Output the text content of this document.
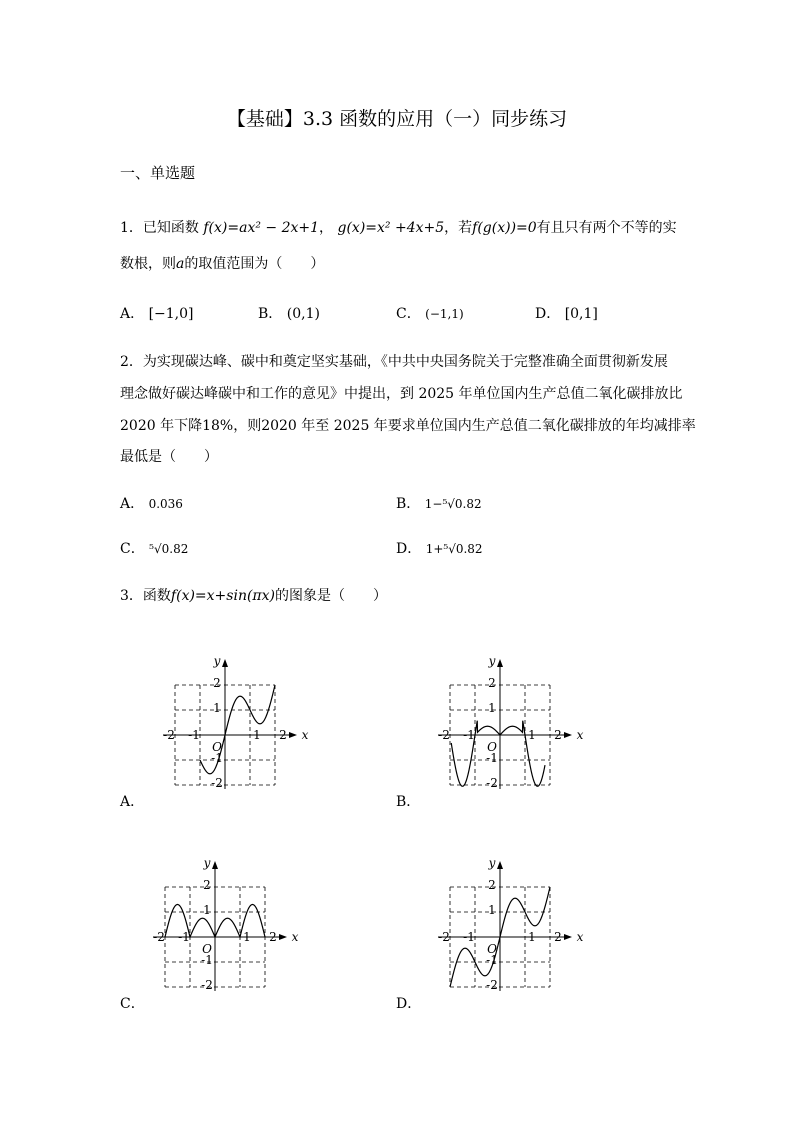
【基础】3.3 函数的应用（一）同步练习
一、单选题
1．已知函数 f(x)=ax² − 2x+1， g(x)=x² +4x+5，若f(g(x))=0有且只有两个不等的实
数根，则a的取值范围为（　　）
A． [−1,0]	B． (0,1)	C． (−1,1)	D． [0,1]
2．为实现碳达峰、碳中和奠定坚实基础，《中共中央国务院关于完整准确全面贯彻新发展
理念做好碳达峰碳中和工作的意见》中提出，到 2025 年单位国内生产总值二氧化碳排放比
2020 年下降18%，则2020 年至 2025 年要求单位国内生产总值二氧化碳排放的年均减排率
最低是（　　）
A． 0.036	B． 1−⁵√0.82
C． ⁵√0.82	D． 1+⁵√0.82
3．函数f(x)=x+sin(πx)的图象是（　　）
A．	B．
C．	D．
y
x
O
-2 -1	1 2
2
1
-1
-2
y
x
O
-2 -1	1 2
2
1
-1
-2
y
x
O
-2 -1	1 2
2
1
-1
-2
y
x
O
-2 -1	1 2
2
1
-1
-2
